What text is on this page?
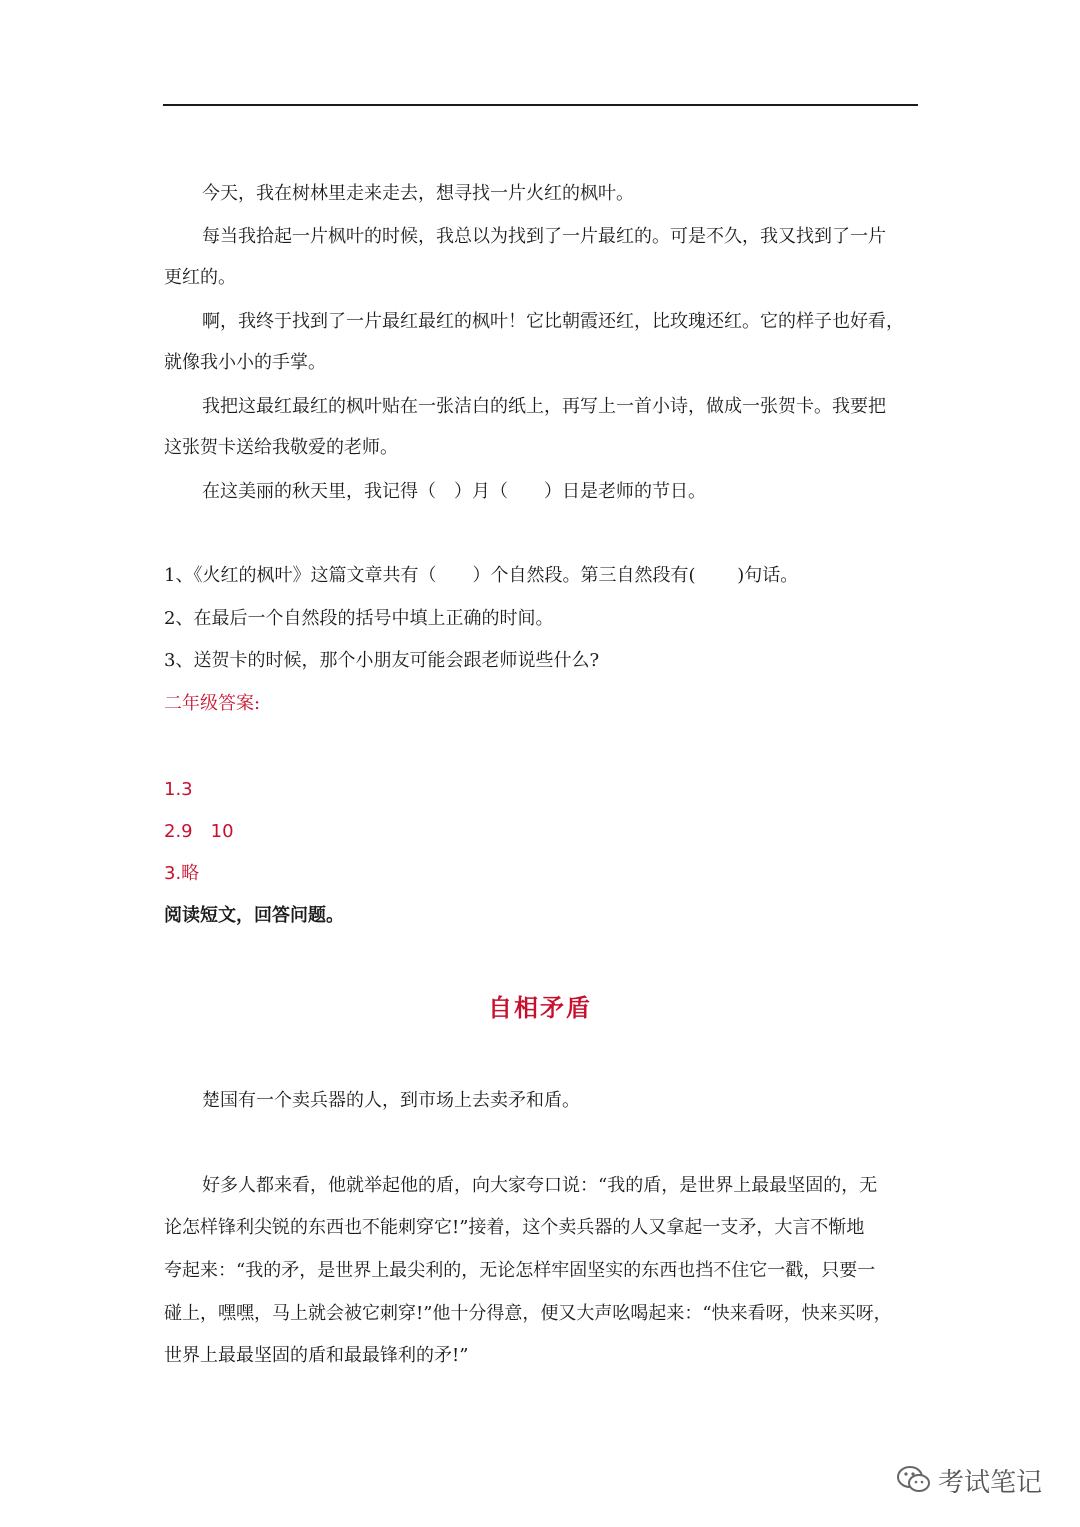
今天，我在树林里走来走去，想寻找一片火红的枫叶。
每当我拾起一片枫叶的时候，我总以为找到了一片最红的。可是不久，我又找到了一片
更红的。
啊，我终于找到了一片最红最红的枫叶！它比朝霞还红，比玫瑰还红。它的样子也好看，
就像我小小的手掌。
我把这最红最红的枫叶贴在一张洁白的纸上，再写上一首小诗，做成一张贺卡。我要把
这张贺卡送给我敬爱的老师。
在这美丽的秋天里，我记得（　）月（　　）日是老师的节日。
1、《火红的枫叶》这篇文章共有（　　）个自然段。第三自然段有(　　 )句话。
2、在最后一个自然段的括号中填上正确的时间。
3、送贺卡的时候，那个小朋友可能会跟老师说些什么?
二年级答案:
1.3
2.9　10
3.略
阅读短文，回答问题。
自相矛盾
楚国有一个卖兵器的人，到市场上去卖矛和盾。
好多人都来看，他就举起他的盾，向大家夸口说：“我的盾，是世界上最最坚固的，无
论怎样锋利尖锐的东西也不能刺穿它!”接着，这个卖兵器的人又拿起一支矛，大言不惭地
夸起来：“我的矛，是世界上最尖利的，无论怎样牢固坚实的东西也挡不住它一戳，只要一
碰上，嘿嘿，马上就会被它刺穿!”他十分得意，便又大声吆喝起来：“快来看呀，快来买呀，
世界上最最坚固的盾和最最锋利的矛!”
考试笔记
